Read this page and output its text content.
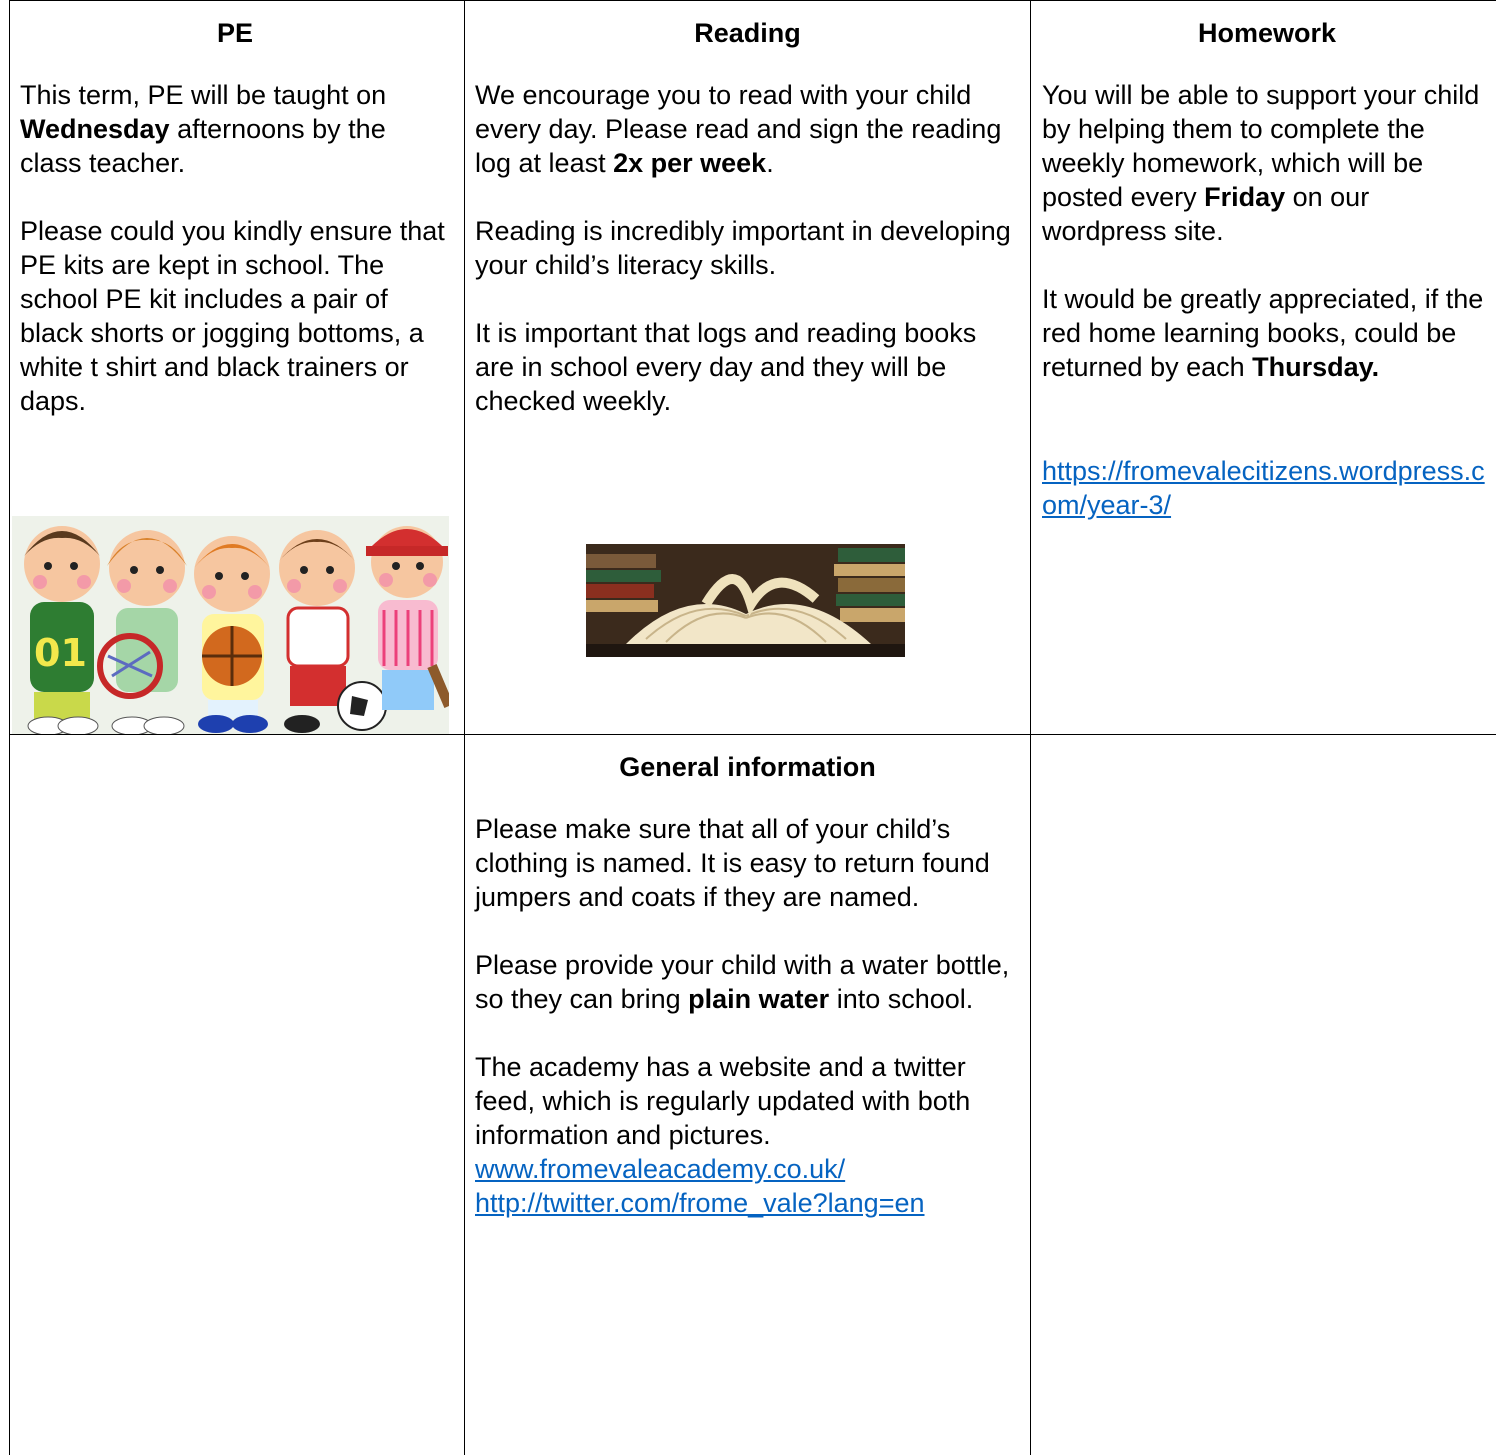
PE

This term, PE will be taught on Wednesday afternoons by the class teacher.

Please could you kindly ensure that PE kits are kept in school. The school PE kit includes a pair of black shorts or jogging bottoms, a white t shirt and black trainers or daps.

01
Reading

We encourage you to read with your child every day. Please read and sign the reading log at least 2x per week.

Reading is incredibly important in developing your child’s literacy skills.

It is important that logs and reading books are in school every day and they will be checked weekly.

Homework

You will be able to support your child by helping them to complete the weekly homework, which will be posted every Friday on our wordpress site.

It would be greatly appreciated, if the red home learning books, could be returned by each Thursday.

https://fromevalecitizens.wordpress.com/year-3/

General information

Please make sure that all of your child’s clothing is named. It is easy to return found jumpers and coats if they are named.

Please provide your child with a water bottle, so they can bring plain water into school.

The academy has a website and a twitter feed, which is regularly updated with both information and pictures.

www.fromevaleacademy.co.uk/
http://twitter.com/frome_vale?lang=en
